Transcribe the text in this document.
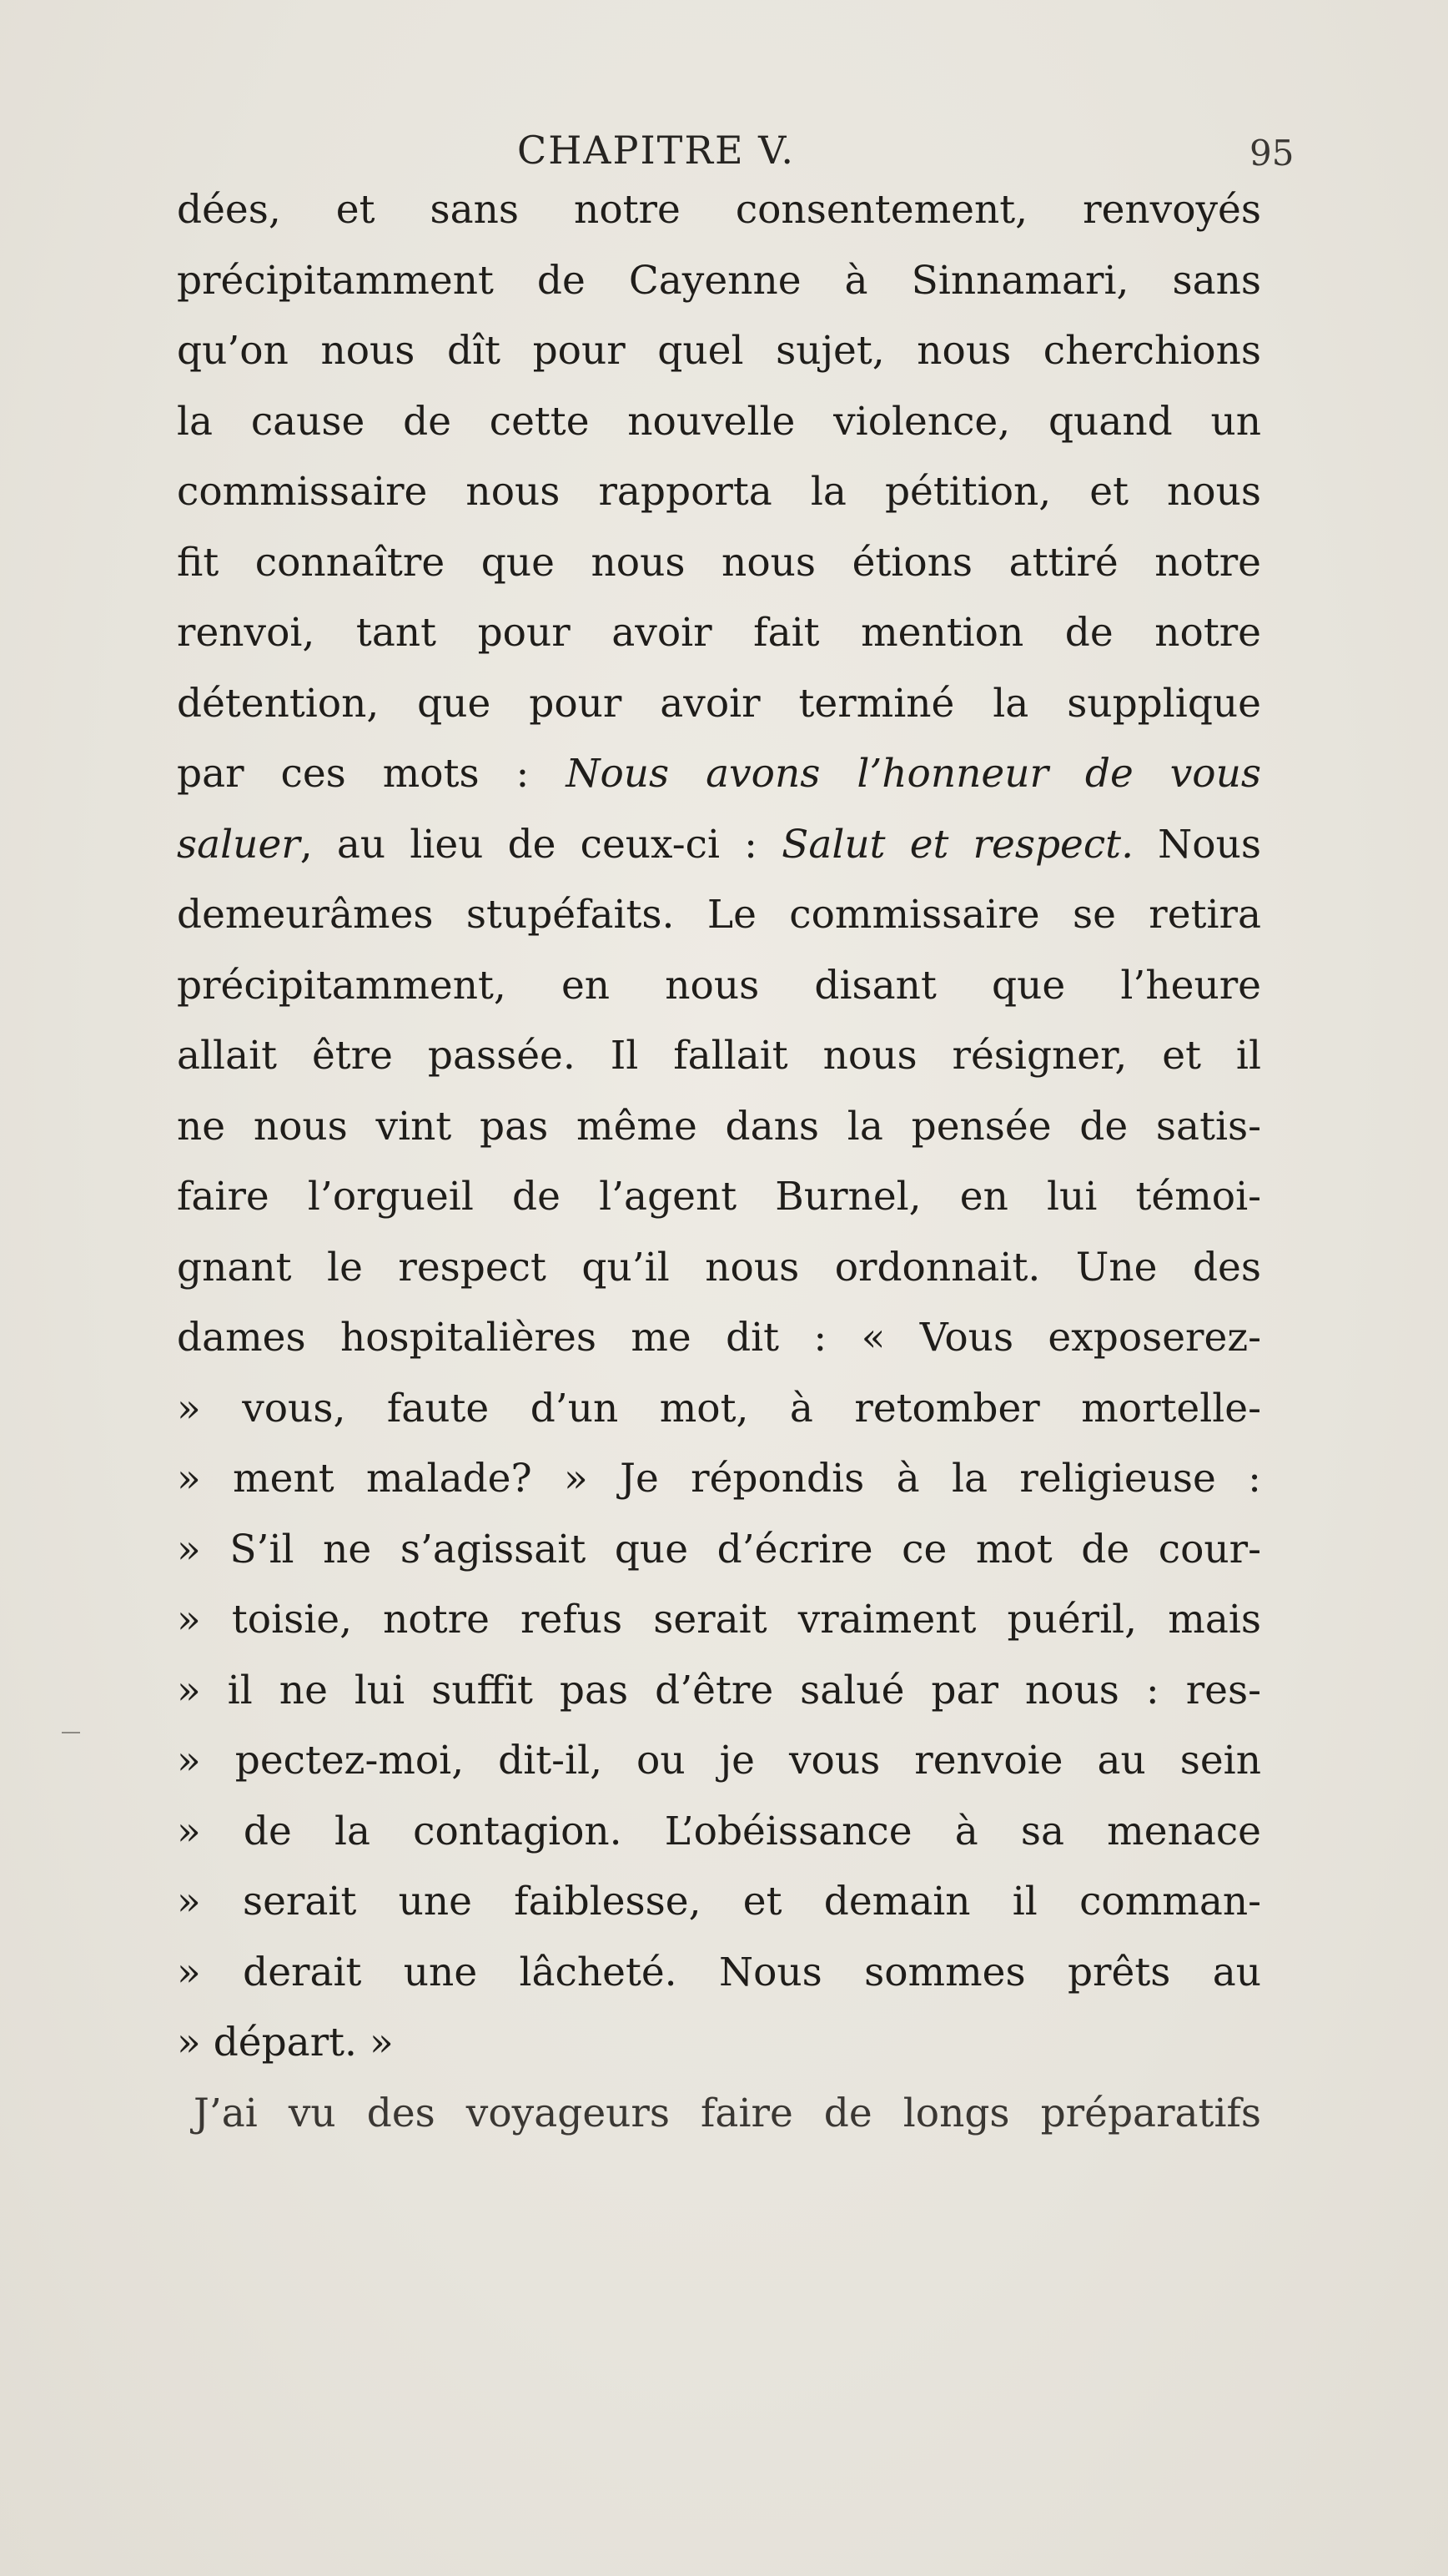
CHAPITRE V.	95
dées, et sans notre consentement, renvoyés
précipitamment de Cayenne à Sinnamari, sans
qu’on nous dît pour quel sujet, nous cherchions
la cause de cette nouvelle violence, quand un
commissaire nous rapporta la pétition, et nous
fit connaître que nous nous étions attiré notre
renvoi, tant pour avoir fait mention de notre
détention, que pour avoir terminé la supplique
par ces mots : Nous avons l’honneur de vous
saluer, au lieu de ceux-ci : Salut et respect. Nous
demeurâmes stupéfaits. Le commissaire se retira
précipitamment, en nous disant que l’heure
allait être passée. Il fallait nous résigner, et il
ne nous vint pas même dans la pensée de satis-
faire l’orgueil de l’agent Burnel, en lui témoi-
gnant le respect qu’il nous ordonnait. Une des
dames hospitalières me dit : « Vous exposerez-
» vous, faute d’un mot, à retomber mortelle-
» ment malade? » Je répondis à la religieuse :
» S’il ne s’agissait que d’écrire ce mot de cour-
» toisie, notre refus serait vraiment puéril, mais
» il ne lui suffit pas d’être salué par nous : res-
» pectez-moi, dit-il, ou je vous renvoie au sein
» de la contagion. L’obéissance à sa menace
» serait une faiblesse, et demain il comman-
» derait une lâcheté. Nous sommes prêts au
» départ. »
J’ai vu des voyageurs faire de longs préparatifs
